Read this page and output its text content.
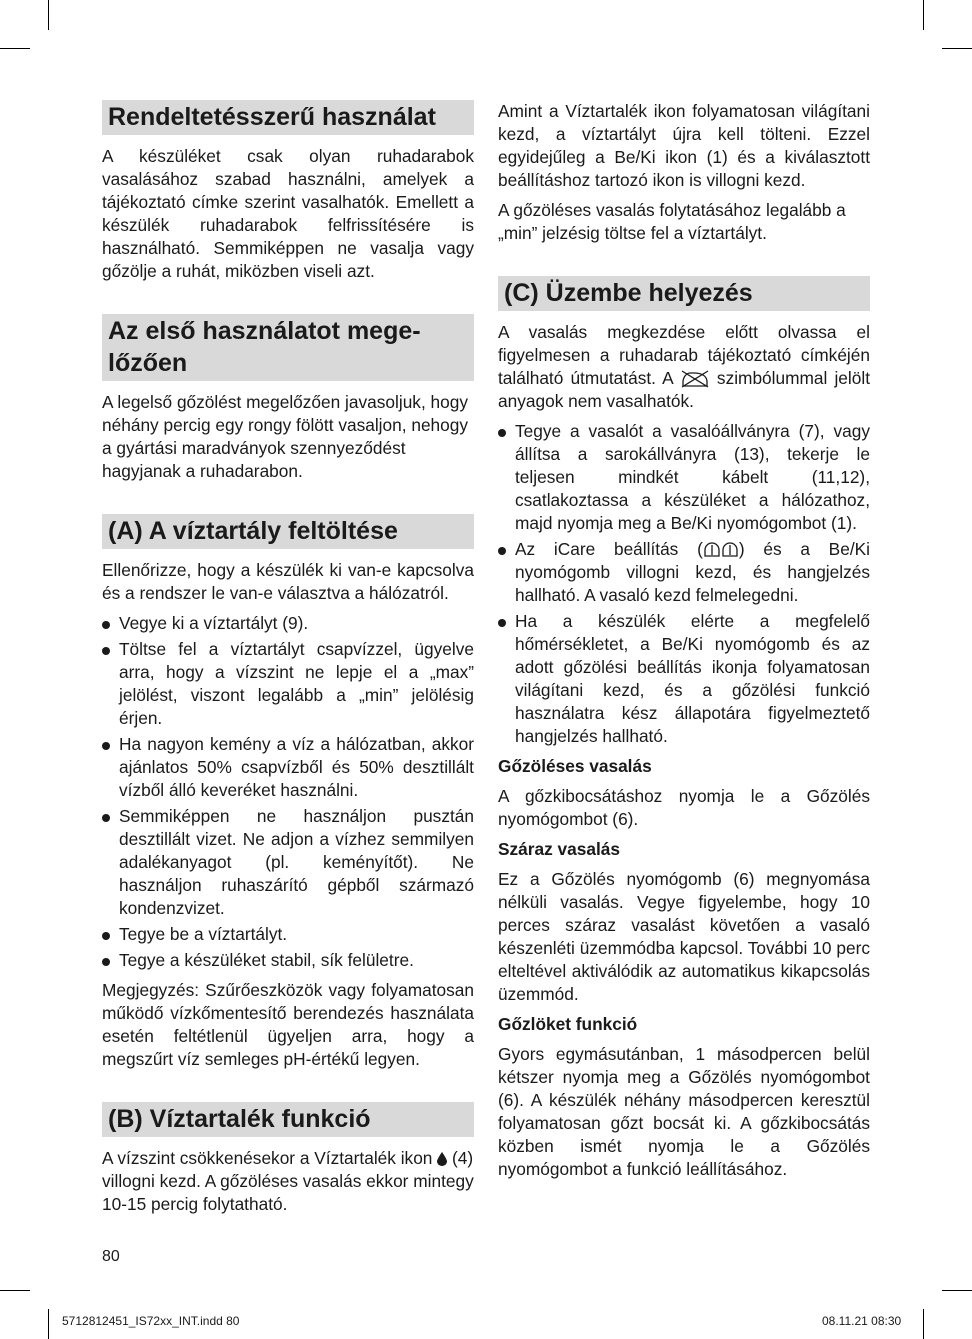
Rendeltetésszerű használat

A készüléket csak olyan ruhadarabok vasalásához szabad használni, amelyek a tájékoztató címke szerint vasalhatók. Emellett a készülék ruhadarabok felfrissítésére is használható. Semmiképpen ne vasalja vagy gőzölje a ruhát, miközben viseli azt.

Az első használatot mege-
lőzően

A legelső gőzölést megelőzően javasoljuk, hogy néhány percig egy rongy fölött vasaljon, nehogy a gyártási maradványok szennyeződést hagyjanak a ruhadarabon.

(A) A víztartály feltöltése

Ellenőrizze, hogy a készülék ki van-e kapcsolva és a rendszer le van-e választva a hálózatról.

Vegye ki a víztartályt (9).
Töltse fel a víztartályt csapvízzel, ügyelve arra, hogy a vízszint ne lepje el a „max” jelölést, viszont legalább a „min” jelölésig érjen.
Ha nagyon kemény a víz a hálózatban, akkor ajánlatos 50% csapvízből és 50% desztillált vízből álló keveréket használni.
Semmiképpen ne használjon pusztán desztillált vizet. Ne adjon a vízhez semmilyen adalékanyagot (pl. keményítőt). Ne használjon ruhaszárító gépből származó kondenzvizet.
Tegye be a víztartályt.
Tegye a készüléket stabil, sík felületre.

Megjegyzés: Szűrőeszközök vagy folyamatosan működő vízkőmentesítő berendezés használata esetén feltétlenül ügyeljen arra, hogy a megszűrt víz semleges pH-értékű legyen.

(B) Víztartalék funkció

A vízszint csökkenésekor a Víztartalék ikon (4) villogni kezd. A gőzöléses vasalás ekkor mintegy 10-15 percig folytatható.

Amint a Víztartalék ikon folyamatosan világítani kezd, a víztartályt újra kell tölteni. Ezzel egyidejűleg a Be/Ki ikon (1) és a kiválasztott beállításhoz tartozó ikon is villogni kezd.

A gőzöléses vasalás folytatásához legalább a „min” jelzésig töltse fel a víztartályt.

(C) Üzembe helyezés

A vasalás megkezdése előtt olvassa el figyelmesen a ruhadarab tájékoztató címkéjén található útmutatást. A	szimbólummal jelölt anyagok nem vasalhatók.

Tegye a vasalót a vasalóállványra (7), vagy állítsa a sarokállványra (13), tekerje le teljesen mindkét kábelt (11,12), csatlakoztassa a készüléket a hálózathoz, majd nyomja meg a Be/Ki nyomógombot (1).
Az iCare beállítás ( ) és a Be/Ki nyomógomb villogni kezd, és hangjelzés hallható. A vasaló kezd felmelegedni.
Ha a készülék elérte a megfelelő hőmérsékletet, a Be/Ki nyomógomb és az adott gőzölési beállítás ikonja folyamatosan világítani kezd, és a gőzölési funkció használatra kész állapotára figyelmeztető hangjelzés hallható.
Gőzöléses vasalás

A gőzkibocsátáshoz nyomja le a Gőzölés nyomógombot (6).

Száraz vasalás

Ez a Gőzölés nyomógomb (6) megnyomása nélküli vasalás. Vegye figyelembe, hogy 10 perces száraz vasalást követően a vasaló készenléti üzemmódba kapcsol. További 10 perc elteltével aktiválódik az automatikus kikapcsolás üzemmód.

Gőzlöket funkció

Gyors egymásutánban, 1 másodpercen belül kétszer nyomja meg a Gőzölés nyomógombot (6). A készülék néhány másodpercen keresztül folyamatosan gőzt bocsát ki. A gőzkibocsátás közben ismét nyomja le a Gőzölés nyomógombot a funkció leállításához.

80
5712812451_IS72xx_INT.indd 80	08.11.21 08:30
